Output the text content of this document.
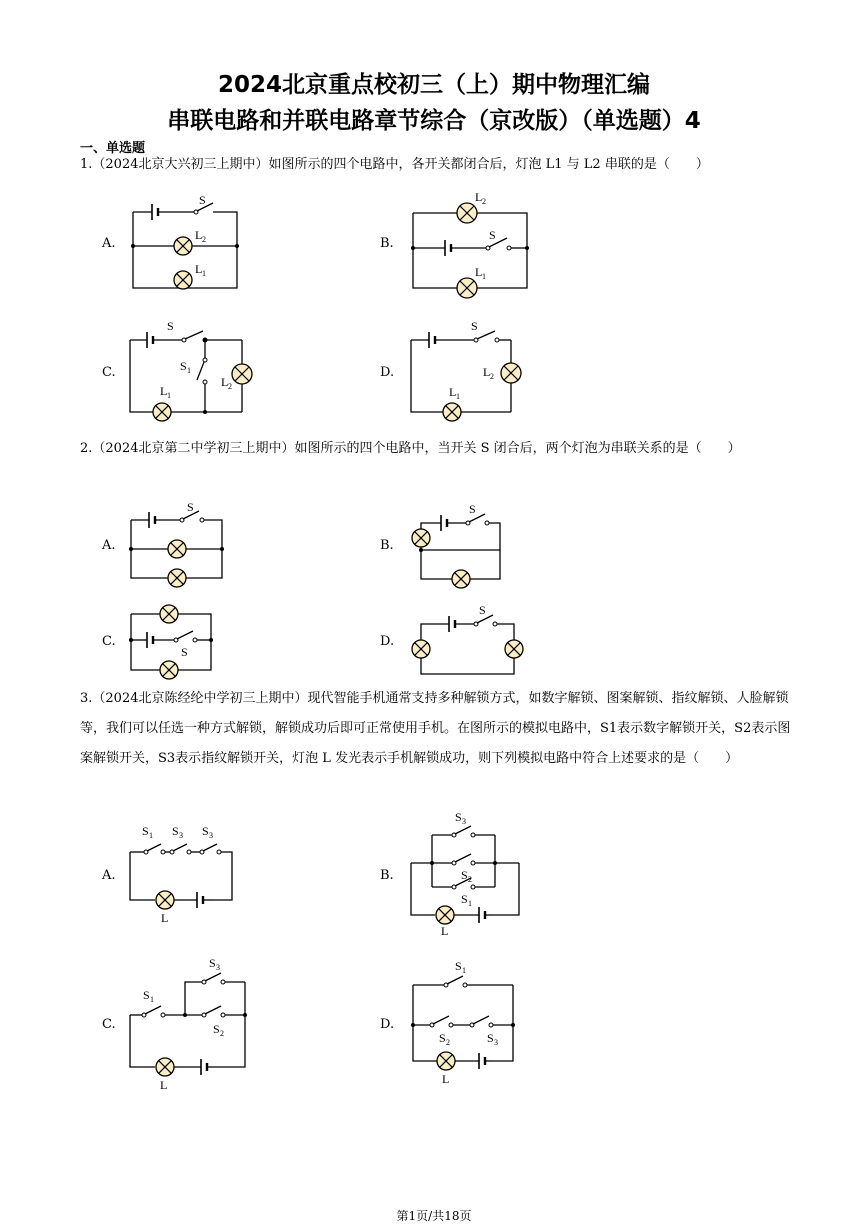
2024北京重点校初三（上）期中物理汇编
串联电路和并联电路章节综合（京改版）（单选题）4
一、单选题
1.（2024北京大兴初三上期中）如图所示的四个电路中，各开关都闭合后，灯泡 L1 与 L2 串联的是（　　）
A.
S
L 2
L 1
B.
L 2
S
L 1
C.
S
S 1
L 1
L 2
D.
S
L 2
L 1
2.（2024北京第二中学初三上期中）如图所示的四个电路中，当开关 S 闭合后，两个灯泡为串联关系的是（　　）
A.
S
B.
S
C.
S
D.
S
3.（2024北京陈经纶中学初三上期中）现代智能手机通常支持多种解锁方式，如数字解锁、图案解锁、指纹解锁、人脸解锁等，我们可以任选一种方式解锁，解锁成功后即可正常使用手机。在图所示的模拟电路中，S1表示数字解锁开关，S2表示图案解锁开关，S3表示指纹解锁开关，灯泡 L 发光表示手机解锁成功，则下列模拟电路中符合上述要求的是（　　）
A.
S 1 S 3 S 3
L
B.
S 3
S 2
S 1
L
C.
S 1
S 3
S 2
L
D.
S 1
S 2	S 3
L
第1页/共18页
